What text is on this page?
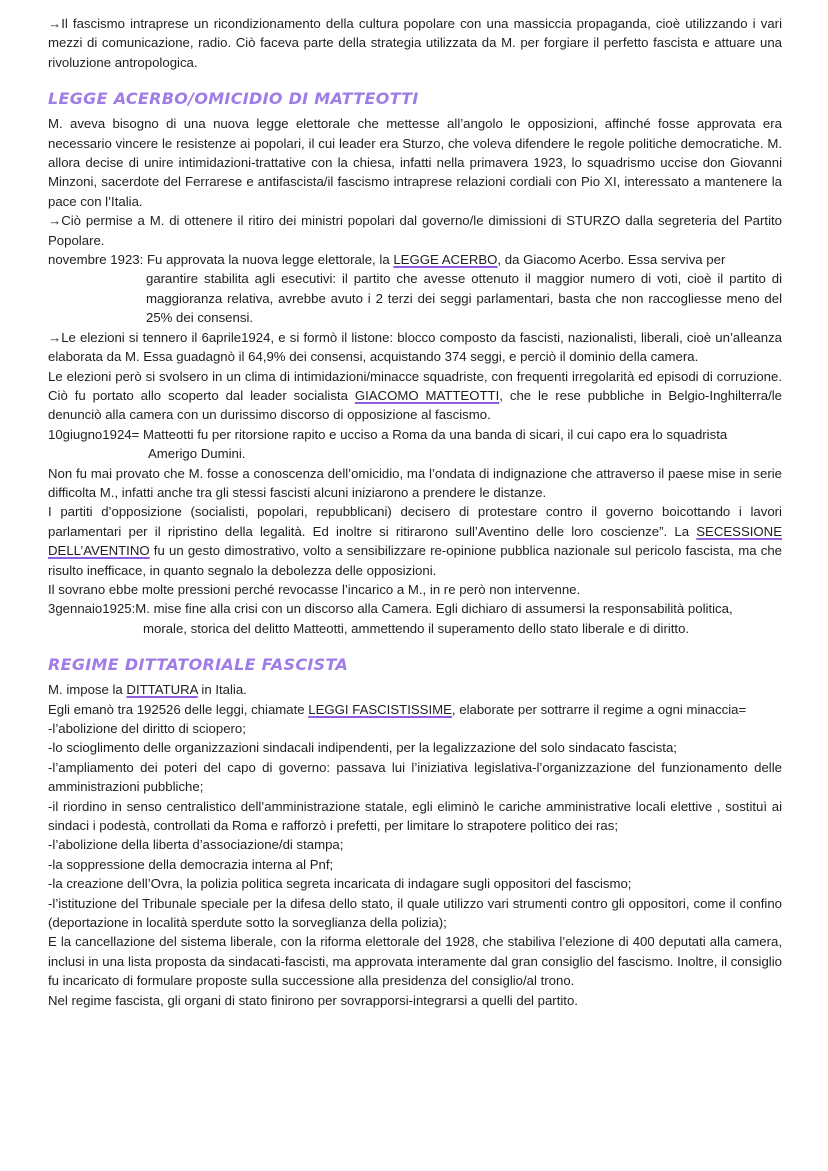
→Il fascismo intraprese un ricondizionamento della cultura popolare con una massiccia propaganda, cioè utilizzando i vari mezzi di comunicazione, radio. Ciò faceva parte della strategia utilizzata da M. per forgiare il perfetto fascista e attuare una rivoluzione antropologica.

LEGGE ACERBO/OMICIDIO DI MATTEOTTI

M. aveva bisogno di una nuova legge elettorale che mettesse all’angolo le opposizioni, affinché fosse approvata era necessario vincere le resistenze ai popolari, il cui leader era Sturzo, che voleva difendere le regole politiche democratiche. M. allora decise di unire intimidazioni-trattative con la chiesa, infatti nella primavera 1923, lo squadrismo uccise don Giovanni Minzoni, sacerdote del Ferrarese e antifascista/il fascismo intraprese relazioni cordiali con Pio XI, interessato a mantenere la pace con l’Italia.

→Ciò permise a M. di ottenere il ritiro dei ministri popolari dal governo/le dimissioni di STURZO dalla segreteria del Partito Popolare.

novembre 1923: Fu approvata la nuova legge elettorale, la LEGGE ACERBO, da Giacomo Acerbo. Essa serviva per

garantire stabilita agli esecutivi: il partito che avesse ottenuto il maggior numero di voti, cioè il partito di maggioranza relativa, avrebbe avuto i 2 terzi dei seggi parlamentari, basta che non raccogliesse meno del 25% dei consensi.

→Le elezioni si tennero il 6aprile1924, e si formò il listone: blocco composto da fascisti, nazionalisti, liberali, cioè un’alleanza elaborata da M. Essa guadagnò il 64,9% dei consensi, acquistando 374 seggi, e perciò il dominio della camera.

Le elezioni però si svolsero in un clima di intimidazioni/minacce squadriste, con frequenti irregolarità ed episodi di corruzione. Ciò fu portato allo scoperto dal leader socialista GIACOMO MATTEOTTI, che le rese pubbliche in Belgio-Inghilterra/le denunciò alla camera con un durissimo discorso di opposizione al fascismo.

10giugno1924= Matteotti fu per ritorsione rapito e ucciso a Roma da una banda di sicari, il cui capo era lo squadrista

Amerigo Dumini.

Non fu mai provato che M. fosse a conoscenza dell’omicidio, ma l’ondata di indignazione che attraverso il paese mise in serie difficolta M., infatti anche tra gli stessi fascisti alcuni iniziarono a prendere le distanze.

I partiti d’opposizione (socialisti, popolari, repubblicani) decisero di protestare contro il governo boicottando i lavori parlamentari per il ripristino della legalità. Ed inoltre si ritirarono sull’Aventino delle loro coscienze”. La SECESSIONE DELL’AVENTINO fu un gesto dimostrativo, volto a sensibilizzare re-opinione pubblica nazionale sul pericolo fascista, ma che risulto inefficace, in quanto segnalo la debolezza delle opposizioni.

Il sovrano ebbe molte pressioni perché revocasse l’incarico a M., in re però non intervenne.

3gennaio1925:M. mise fine alla crisi con un discorso alla Camera. Egli dichiaro di assumersi la responsabilità politica,

morale, storica del delitto Matteotti, ammettendo il superamento dello stato liberale e di diritto.

REGIME DITTATORIALE FASCISTA

M. impose la DITTATURA in Italia.

Egli emanò tra 192526 delle leggi, chiamate LEGGI FASCISTISSIME, elaborate per sottrarre il regime a ogni minaccia=

-l’abolizione del diritto di sciopero;

-lo scioglimento delle organizzazioni sindacali indipendenti, per la legalizzazione del solo sindacato fascista;

-l’ampliamento dei poteri del capo di governo: passava lui l’iniziativa legislativa-l’organizzazione del funzionamento delle amministrazioni pubbliche;

-il riordino in senso centralistico dell’amministrazione statale, egli eliminò le cariche amministrative locali elettive , sostituì ai sindaci i podestà, controllati da Roma e rafforzò i prefetti, per limitare lo strapotere politico dei ras;

-l’abolizione della liberta d’associazione/di stampa;

-la soppressione della democrazia interna al Pnf;

-la creazione dell’Ovra, la polizia politica segreta incaricata di indagare sugli oppositori del fascismo;

-l’istituzione del Tribunale speciale per la difesa dello stato, il quale utilizzo vari strumenti contro gli oppositori, come il confino (deportazione in località sperdute sotto la sorveglianza della polizia);

E la cancellazione del sistema liberale, con la riforma elettorale del 1928, che stabiliva l’elezione di 400 deputati alla camera, inclusi in una lista proposta da sindacati-fascisti, ma approvata interamente dal gran consiglio del fascismo. Inoltre, il consiglio fu incaricato di formulare proposte sulla successione alla presidenza del consiglio/al trono.

Nel regime fascista, gli organi di stato finirono per sovrapporsi-integrarsi a quelli del partito.
